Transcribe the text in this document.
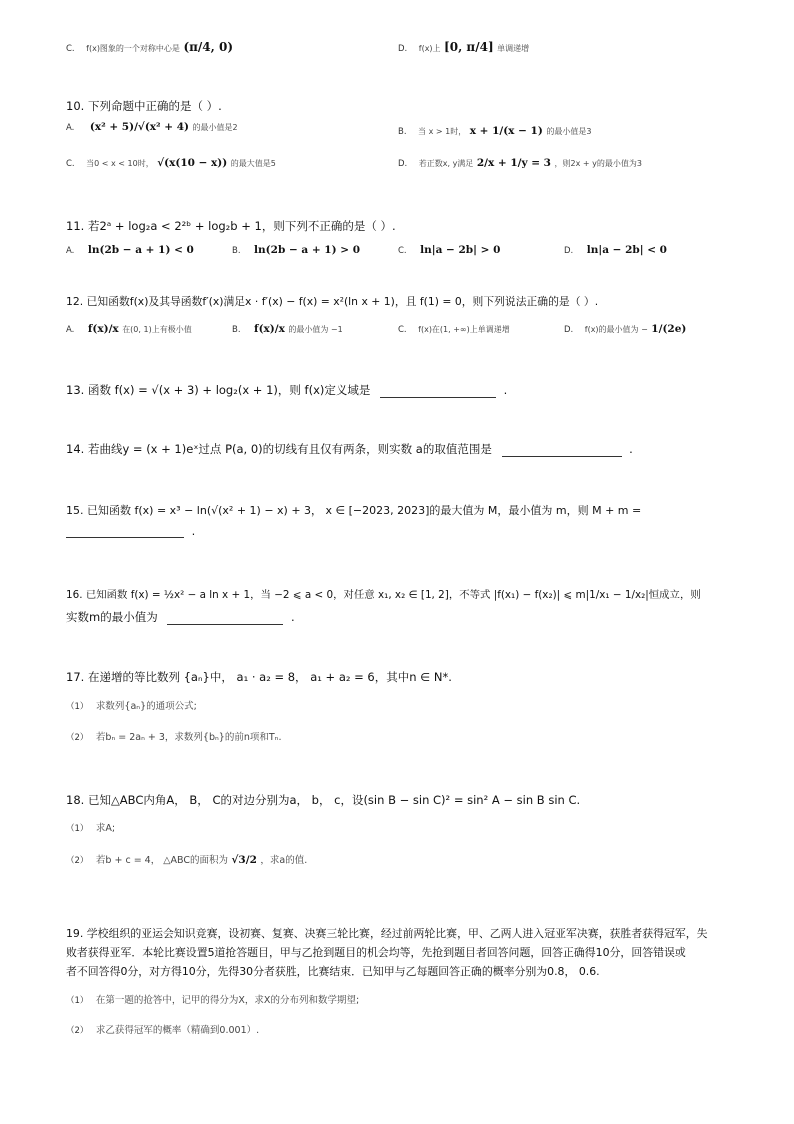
C. f(x)图象的一个对称中心是 (π/4, 0)	D. f(x)上 [0, π/4] 单调递增
10. 下列命题中正确的是（ ）.
A. (x² + 5)/√(x² + 4) 的最小值是2	B. 当 x > 1时， x + 1/(x − 1) 的最小值是3
C. 当0 < x < 10时， √(x(10 − x)) 的最大值是5	D. 若正数x, y满足 2/x + 1/y = 3 ，则2x + y的最小值为3
11. 若2ᵃ + log₂a < 2²ᵇ + log₂b + 1，则下列不正确的是（ ）.
A. ln(2b − a + 1) < 0	B. ln(2b − a + 1) > 0	C. ln|a − 2b| > 0	D. ln|a − 2b| < 0
12. 已知函数f(x)及其导函数f′(x)满足x · f′(x) − f(x) = x²(ln x + 1)，且 f(1) = 0，则下列说法正确的是（ ）.
A. f(x)/x 在(0, 1)上有极小值	B. f(x)/x 的最小值为 −1	C. f(x)在(1, +∞)上单调递增	D. f(x)的最小值为 − 1/(2e)
13. 函数 f(x) = √(x + 3) + log₂(x + 1)，则 f(x)定义域是	.
14. 若曲线y = (x + 1)eˣ过点 P(a, 0)的切线有且仅有两条，则实数 a的取值范围是	.
15. 已知函数 f(x) = x³ − ln(√(x² + 1) − x) + 3， x ∈ [−2023, 2023]的最大值为 M，最小值为 m，则 M + m =
.
16. 已知函数 f(x) = ½x² − a ln x + 1，当 −2 ⩽ a < 0，对任意 x₁, x₂ ∈ [1, 2]，不等式 |f(x₁) − f(x₂)| ⩽ m|1/x₁ − 1/x₂|恒成立，则
实数m的最小值为	.
17. 在递增的等比数列 {aₙ}中， a₁ · a₂ = 8， a₁ + a₂ = 6，其中n ∈ N*.
（1） 求数列{aₙ}的通项公式;
（2） 若bₙ = 2aₙ + 3，求数列{bₙ}的前n项和Tₙ.
18. 已知△ABC内角A， B， C的对边分别为a， b， c，设(sin B − sin C)² = sin² A − sin B sin C.
（1） 求A;
（2） 若b + c = 4， △ABC的面积为 √3/2 ，求a的值.
19. 学校组织的亚运会知识竞赛，设初赛、复赛、决赛三轮比赛，经过前两轮比赛，甲、乙两人进入冠亚军决赛，获胜者获得冠军，失
败者获得亚军．本轮比赛设置5道抢答题目，甲与乙抢到题目的机会均等，先抢到题目者回答问题，回答正确得10分，回答错误或
者不回答得0分，对方得10分，先得30分者获胜，比赛结束．已知甲与乙每题回答正确的概率分别为0.8， 0.6.
（1） 在第一题的抢答中，记甲的得分为X，求X的分布列和数学期望;
（2） 求乙获得冠军的概率（精确到0.001）.
